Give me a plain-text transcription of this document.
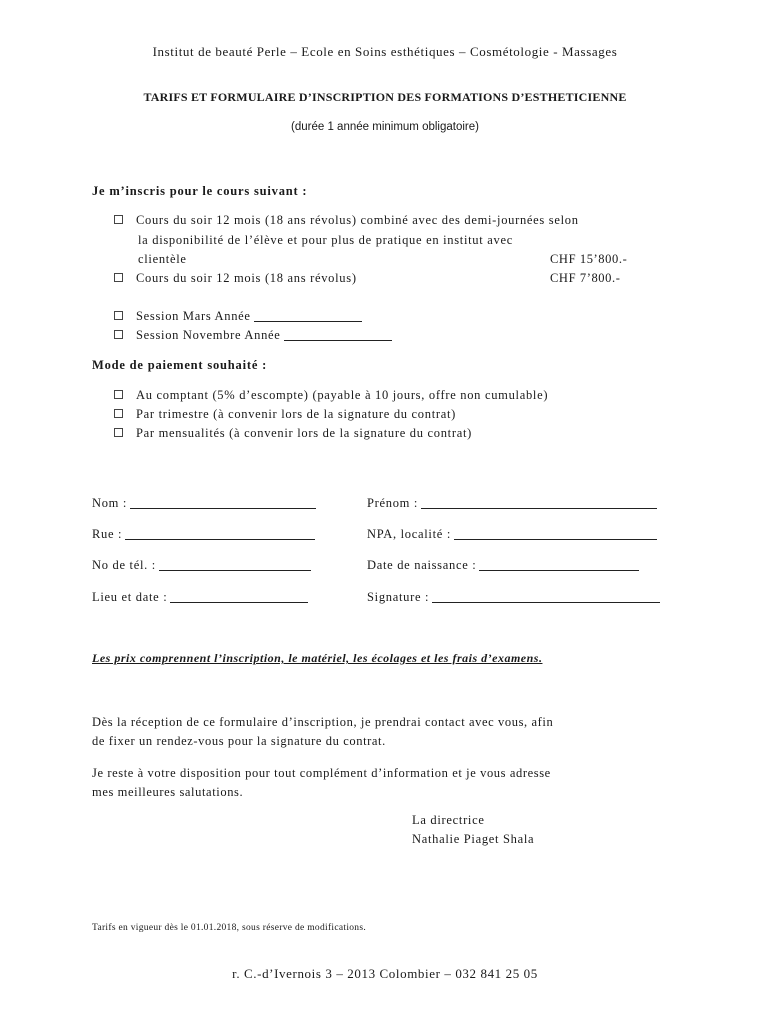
Institut de beauté Perle – Ecole en Soins esthétiques – Cosmétologie - Massages
TARIFS ET FORMULAIRE D’INSCRIPTION DES FORMATIONS D’ESTHETICIENNE
(durée 1 année minimum obligatoire)
Je m’inscris pour le cours suivant :
Cours du soir 12 mois (18 ans révolus) combiné avec des demi-journées selon
la disponibilité de l’élève et pour plus de pratique en institut avec
clientèle	CHF 15’800.-
Cours du soir 12 mois (18 ans révolus)	CHF 7’800.-
Session Mars Année
Session Novembre Année
Mode de paiement souhaité :
Au comptant (5% d’escompte) (payable à 10 jours, offre non cumulable)
Par trimestre (à convenir lors de la signature du contrat)
Par mensualités (à convenir lors de la signature du contrat)
Nom :	Prénom :
Rue :	NPA, localité :
No de tél. :	Date de naissance :
Lieu et date :	Signature :
Les prix comprennent l’inscription, le matériel, les écolages et les frais d’examens.
Dès la réception de ce formulaire d’inscription, je prendrai contact avec vous, afin
de fixer un rendez-vous pour la signature du contrat.
Je reste à votre disposition pour tout complément d’information et je vous adresse
mes meilleures salutations.
La directrice
Nathalie Piaget Shala
Tarifs en vigueur dès le 01.01.2018, sous réserve de modifications.
r. C.-d’Ivernois 3 – 2013 Colombier – 032 841 25 05
